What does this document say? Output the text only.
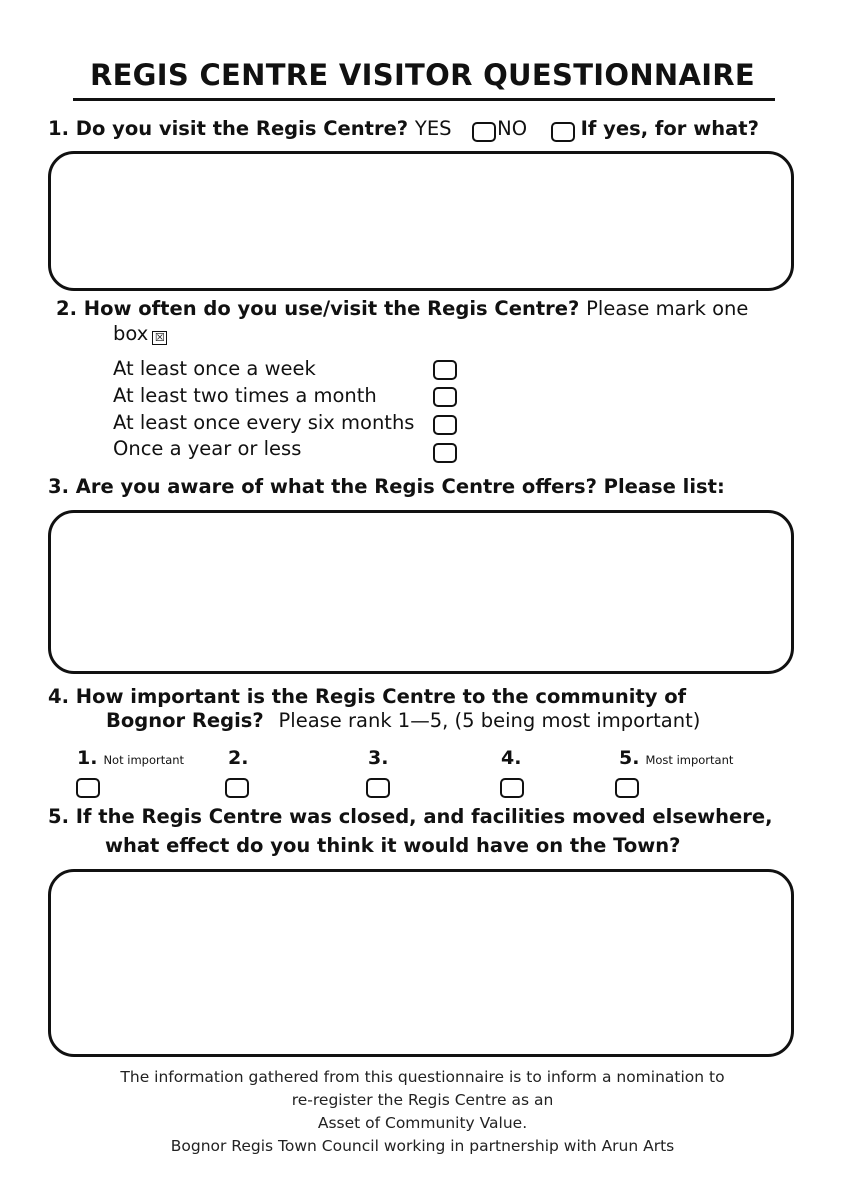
REGIS CENTRE VISITOR QUESTIONNAIRE
1. Do you visit the Regis Centre? YES NO	If yes, for what?
2. How often do you use/visit the Regis Centre? Please mark one
box ☒
At least once a week
At least two times a month
At least once every six months
Once a year or less
3. Are you aware of what the Regis Centre offers? Please list:
4. How important is the Regis Centre to the community of
Bognor Regis? Please rank 1—5, (5 being most important)
1. Not important 2.	3.	4.	5. Most important
5. If the Regis Centre was closed, and facilities moved elsewhere,
what effect do you think it would have on the Town?
The information gathered from this questionnaire is to inform a nomination to
re-register the Regis Centre as an
Asset of Community Value.
Bognor Regis Town Council working in partnership with Arun Arts
